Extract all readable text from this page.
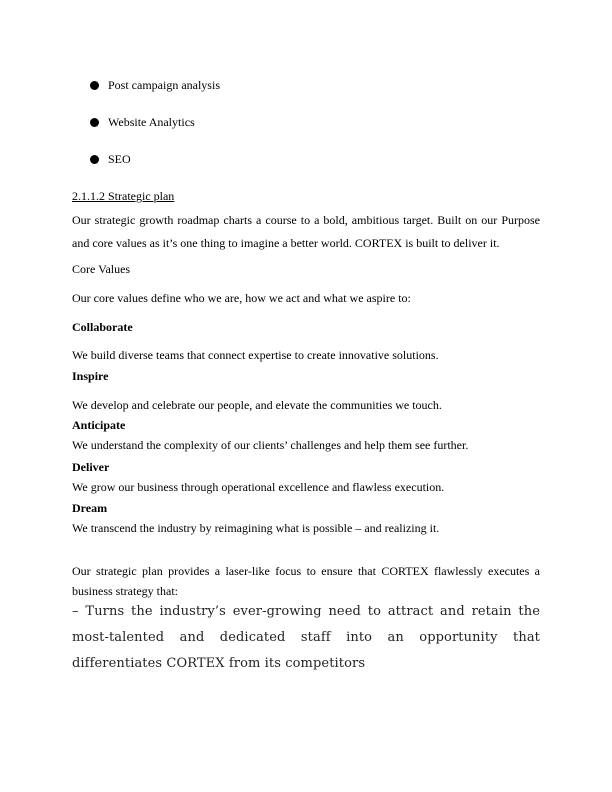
Post campaign analysis
Website Analytics
SEO
2.1.1.2 Strategic plan
Our strategic growth roadmap charts a course to a bold, ambitious target. Built on our Purpose and core values as it’s one thing to imagine a better world. CORTEX is built to deliver it.
Core Values
Our core values define who we are, how we act and what we aspire to:
Collaborate
We build diverse teams that connect expertise to create innovative solutions.
Inspire
We develop and celebrate our people, and elevate the communities we touch.
Anticipate
We understand the complexity of our clients’ challenges and help them see further.
Deliver
We grow our business through operational excellence and flawless execution.
Dream
We transcend the industry by reimagining what is possible – and realizing it.
Our strategic plan provides a laser-like focus to ensure that CORTEX flawlessly executes a business strategy that:
– Turns the industry’s ever-growing need to attract and retain the most-talented and dedicated staff into an opportunity that differentiates CORTEX from its competitors
